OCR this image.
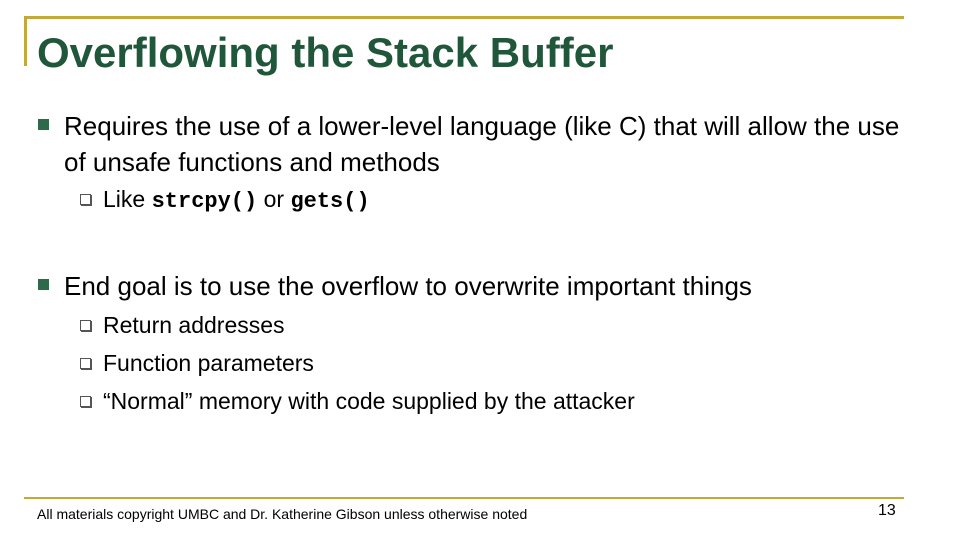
Overflowing the Stack Buffer
Requires the use of a lower-level language (like C) that will allow the use of unsafe functions and methods
Like strcpy() or gets()
End goal is to use the overflow to overwrite important things
Return addresses
Function parameters
“Normal” memory with code supplied by the attacker
All materials copyright UMBC and Dr. Katherine Gibson unless otherwise noted	13
